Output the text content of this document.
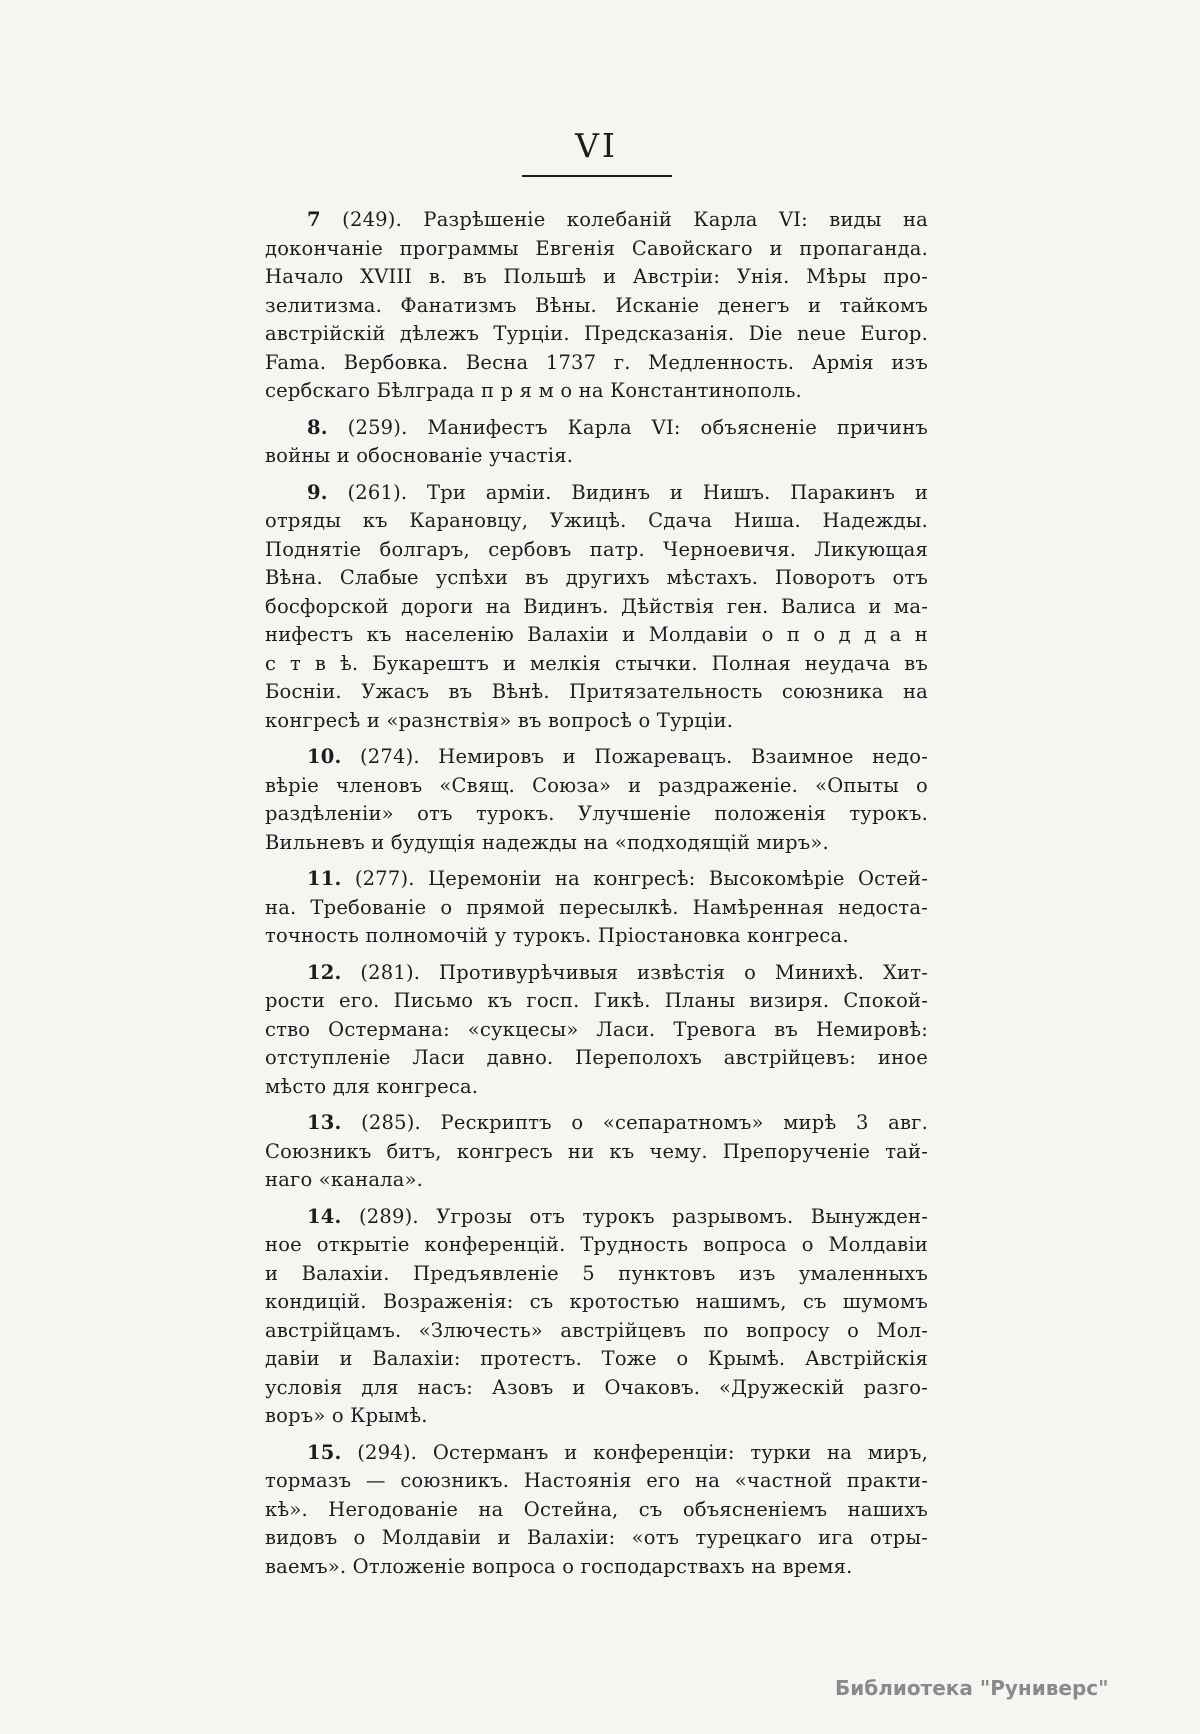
VI
7 (249). Разрѣшеніе колебаній Карла VI: виды на
докончаніе программы Евгенія Савойскаго и пропаганда.
Начало XVIII в. въ Польшѣ и Австріи: Унія. Мѣры про-
зелитизма. Фанатизмъ Вѣны. Исканіе денегъ и тайкомъ
австрійскій дѣлежъ Турціи. Предсказанія. Die neue Europ.
Fama. Вербовка. Весна 1737 г. Медленность. Армія изъ
сербскаго Бѣлграда п р я м о на Константинополь.
8. (259). Манифестъ Карла VI: объясненіе причинъ
войны и обоснованіе участія.
9. (261). Три арміи. Видинъ и Нишъ. Паракинъ и
отряды къ Карановцу, Ужицѣ. Сдача Ниша. Надежды.
Поднятіе болгаръ, сербовъ патр. Черноевичя. Ликующая
Вѣна. Слабые успѣхи въ другихъ мѣстахъ. Поворотъ отъ
босфорской дороги на Видинъ. Дѣйствія ген. Валиса и ма-
нифестъ къ населенію Валахіи и Молдавіи о п о д д а н
с т в ѣ. Букарештъ и мелкія стычки. Полная неудача въ
Босніи. Ужасъ въ Вѣнѣ. Притязательность союзника на
конгресѣ и «разнствія» въ вопросѣ о Турціи.
10. (274). Немировъ и Пожаревацъ. Взаимное недо-
вѣріе членовъ «Свящ. Союза» и раздраженіе. «Опыты о
раздѣленіи» отъ турокъ. Улучшеніе положенія турокъ.
Вильневъ и будущія надежды на «подходящій миръ».
11. (277). Церемоніи на конгресѣ: Высокомѣріе Остей-
на. Требованіе о прямой пересылкѣ. Намѣренная недоста-
точность полномочій у турокъ. Пріостановка конгреса.
12. (281). Противурѣчивыя извѣстія о Минихѣ. Хит-
рости его. Письмо къ госп. Гикѣ. Планы визиря. Спокой-
ство Остермана: «сукцесы» Ласи. Тревога въ Немировѣ:
отступленіе Ласи давно. Переполохъ австрійцевъ: иное
мѣсто для конгреса.
13. (285). Рескриптъ о «сепаратномъ» мирѣ 3 авг.
Союзникъ битъ, конгресъ ни къ чему. Препорученіе тай-
наго «канала».
14. (289). Угрозы отъ турокъ разрывомъ. Вынужден-
ное открытіе конференцій. Трудность вопроса о Молдавіи
и Валахіи. Предъявленіе 5 пунктовъ изъ умаленныхъ
кондицій. Возраженія: съ кротостью нашимъ, съ шумомъ
австрійцамъ. «Злючесть» австрійцевъ по вопросу о Мол-
давіи и Валахіи: протестъ. Тоже о Крымѣ. Австрійскія
условія для насъ: Азовъ и Очаковъ. «Дружескій разго-
воръ» о Крымѣ.
15. (294). Остерманъ и конференціи: турки на миръ,
тормазъ — союзникъ. Настоянія его на «частной практи-
кѣ». Негодованіе на Остейна, съ объясненіемъ нашихъ
видовъ о Молдавіи и Валахіи: «отъ турецкаго ига отры-
ваемъ». Отложеніе вопроса о господарствахъ на время.
Библиотека "Руниверс"
